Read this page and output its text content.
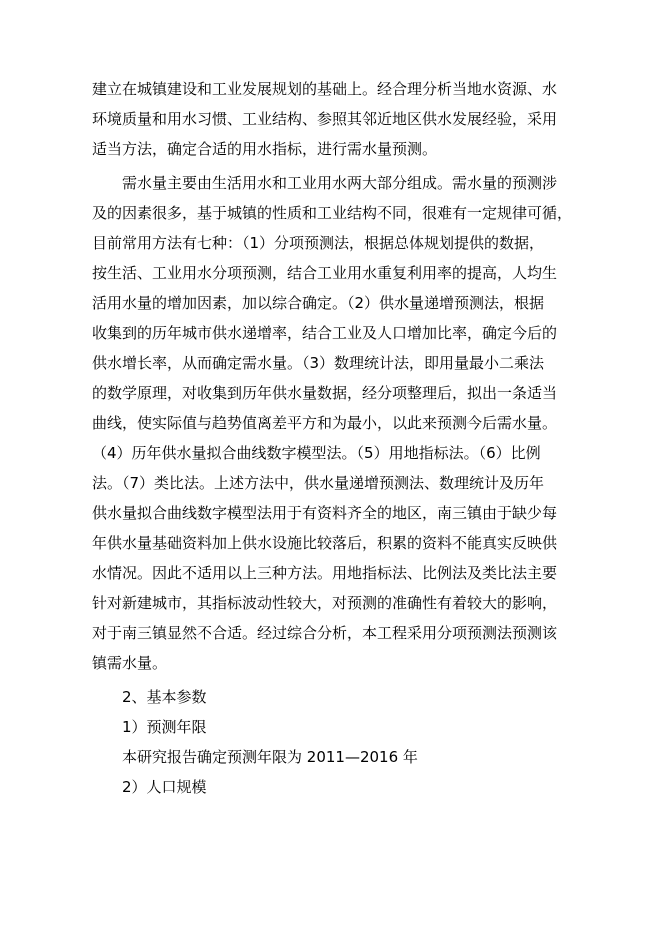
建立在城镇建设和工业发展规划的基础上。经合理分析当地水资源、水
环境质量和用水习惯、工业结构、参照其邻近地区供水发展经验，采用
适当方法，确定合适的用水指标，进行需水量预测。
需水量主要由生活用水和工业用水两大部分组成。需水量的预测涉
及的因素很多，基于城镇的性质和工业结构不同，很难有一定规律可循，
目前常用方法有七种：（1）分项预测法，根据总体规划提供的数据，
按生活、工业用水分项预测，结合工业用水重复利用率的提高，人均生
活用水量的增加因素，加以综合确定。（2）供水量递增预测法，根据
收集到的历年城市供水递增率，结合工业及人口增加比率，确定今后的
供水增长率，从而确定需水量。（3）数理统计法，即用量最小二乘法
的数学原理，对收集到历年供水量数据，经分项整理后，拟出一条适当
曲线，使实际值与趋势值离差平方和为最小，以此来预测今后需水量。
（4）历年供水量拟合曲线数字模型法。（5）用地指标法。（6）比例
法。（7）类比法。上述方法中，供水量递增预测法、数理统计及历年
供水量拟合曲线数字模型法用于有资料齐全的地区，南三镇由于缺少每
年供水量基础资料加上供水设施比较落后，积累的资料不能真实反映供
水情况。因此不适用以上三种方法。用地指标法、比例法及类比法主要
针对新建城市，其指标波动性较大，对预测的准确性有着较大的影响，
对于南三镇显然不合适。经过综合分析，本工程采用分项预测法预测该
镇需水量。
2、基本参数
1）预测年限
本研究报告确定预测年限为 2011—2016 年
2）人口规模
